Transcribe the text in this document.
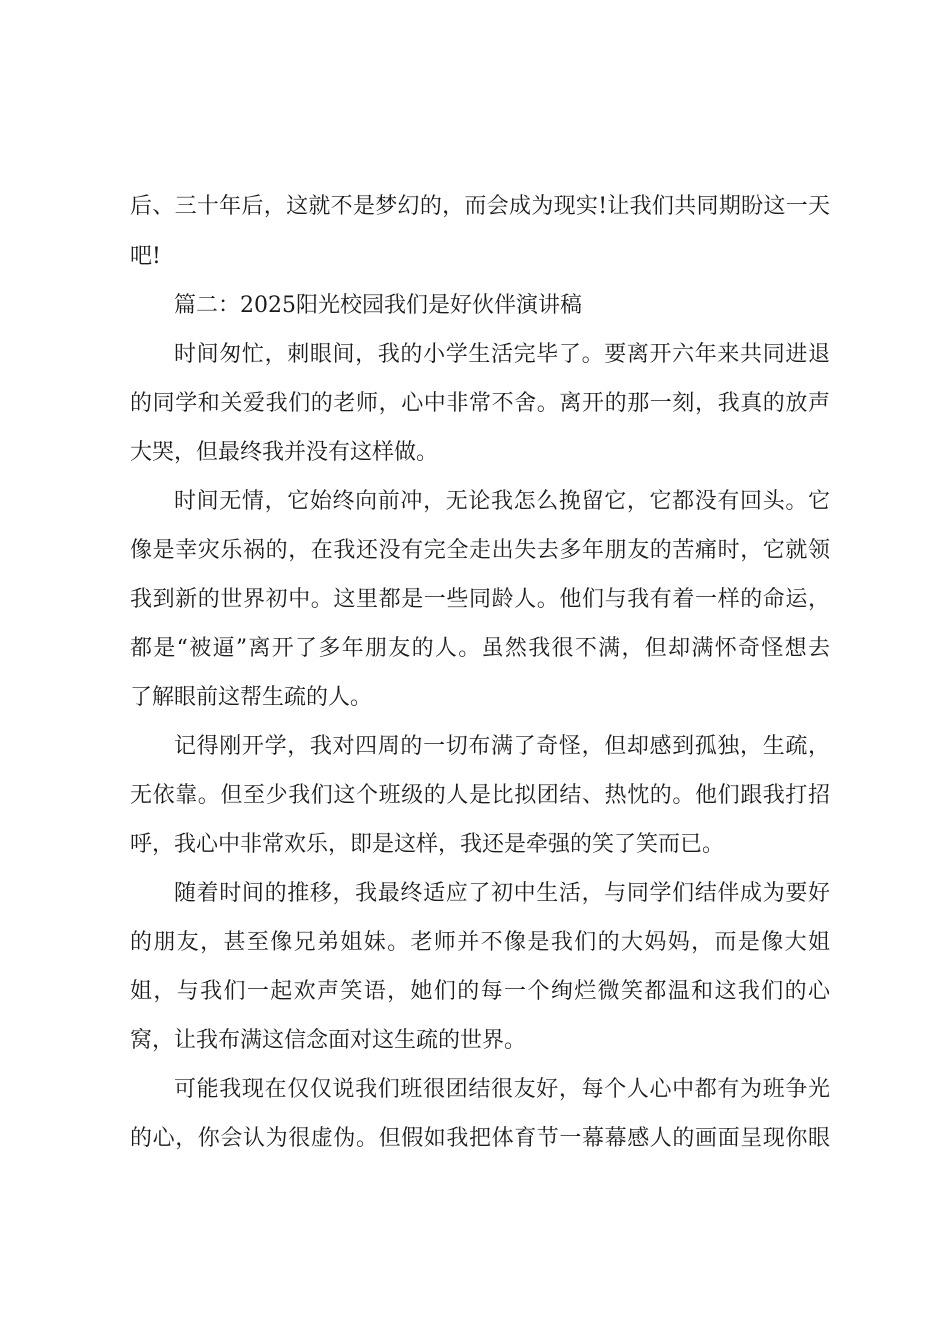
后、三十年后，这就不是梦幻的，而会成为现实!让我们共同期盼这一天
吧!
篇二：2025阳光校园我们是好伙伴演讲稿
时间匆忙，刺眼间，我的小学生活完毕了。要离开六年来共同进退
的同学和关爱我们的老师，心中非常不舍。离开的那一刻，我真的放声
大哭，但最终我并没有这样做。
时间无情，它始终向前冲，无论我怎么挽留它，它都没有回头。它
像是幸灾乐祸的，在我还没有完全走出失去多年朋友的苦痛时，它就领
我到新的世界初中。这里都是一些同龄人。他们与我有着一样的命运，
都是“被逼”离开了多年朋友的人。虽然我很不满，但却满怀奇怪想去
了解眼前这帮生疏的人。
记得刚开学，我对四周的一切布满了奇怪，但却感到孤独，生疏，
无依靠。但至少我们这个班级的人是比拟团结、热忱的。他们跟我打招
呼，我心中非常欢乐，即是这样，我还是牵强的笑了笑而已。
随着时间的推移，我最终适应了初中生活，与同学们结伴成为要好
的朋友，甚至像兄弟姐妹。老师并不像是我们的大妈妈，而是像大姐
姐，与我们一起欢声笑语，她们的每一个绚烂微笑都温和这我们的心
窝，让我布满这信念面对这生疏的世界。
可能我现在仅仅说我们班很团结很友好，每个人心中都有为班争光
的心，你会认为很虚伪。但假如我把体育节一幕幕感人的画面呈现你眼
